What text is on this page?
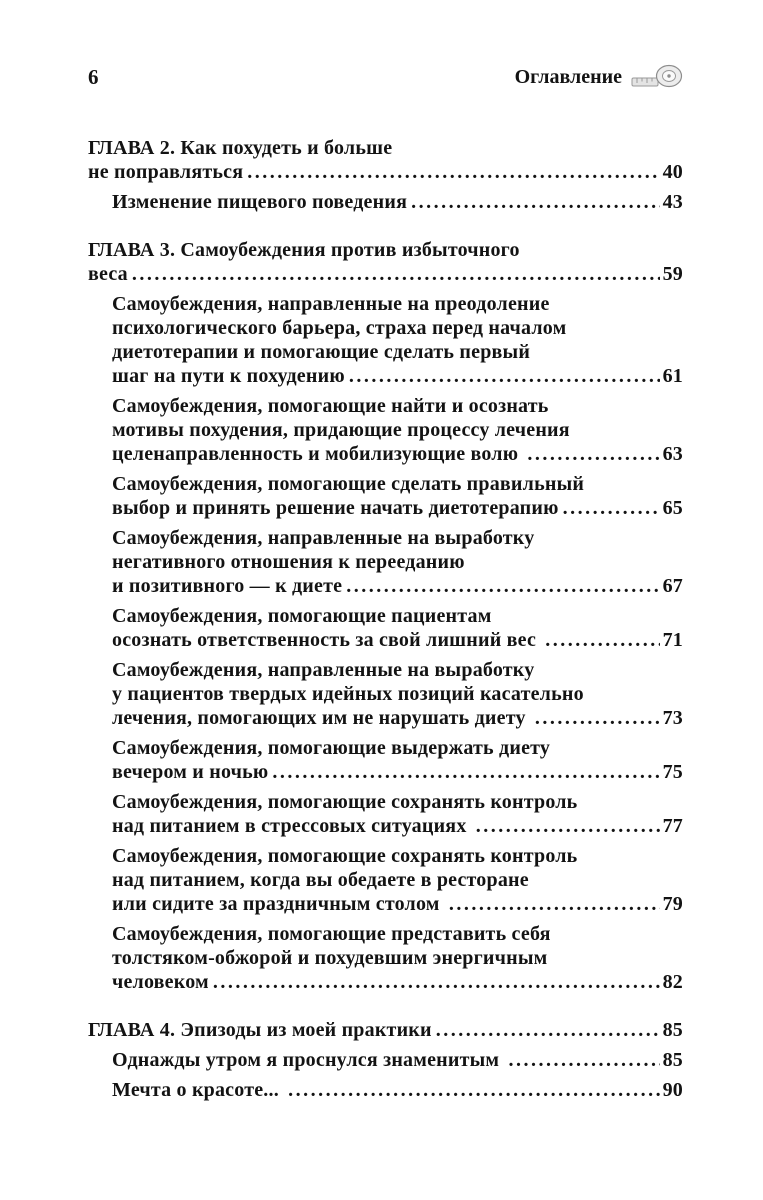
6	Оглавление
ГЛАВА 2. Как похудеть и больше
не поправляться .....	40
Изменение пищевого поведения .....	43
ГЛАВА 3. Самоубеждения против избыточного
веса .....	59
Самоубеждения, направленные на преодоление
психологического барьера, страха перед началом
диетотерапии и помогающие сделать первый
шаг на пути к похудению .....	61
Самоубеждения, помогающие найти и осознать
мотивы похудения, придающие процессу лечения
целенаправленность и мобилизующие волю .....	63
Самоубеждения, помогающие сделать правильный
выбор и принять решение начать диетотерапию .....	65
Самоубеждения, направленные на выработку
негативного отношения к перееданию
и позитивного — к диете .....	67
Самоубеждения, помогающие пациентам
осознать ответственность за свой лишний вес .....	71
Самоубеждения, направленные на выработку
у пациентов твердых идейных позиций касательно
лечения, помогающих им не нарушать диету .....	73
Самоубеждения, помогающие выдержать диету
вечером и ночью .....	75
Самоубеждения, помогающие сохранять контроль
над питанием в стрессовых ситуациях .....	77
Самоубеждения, помогающие сохранять контроль
над питанием, когда вы обедаете в ресторане
или сидите за праздничным столом .....	79
Самоубеждения, помогающие представить себя
толстяком-обжорой и похудевшим энергичным
человеком .....	82
ГЛАВА 4. Эпизоды из моей практики .....	85
Однажды утром я проснулся знаменитым .....	85
Мечта о красоте... .....	90
